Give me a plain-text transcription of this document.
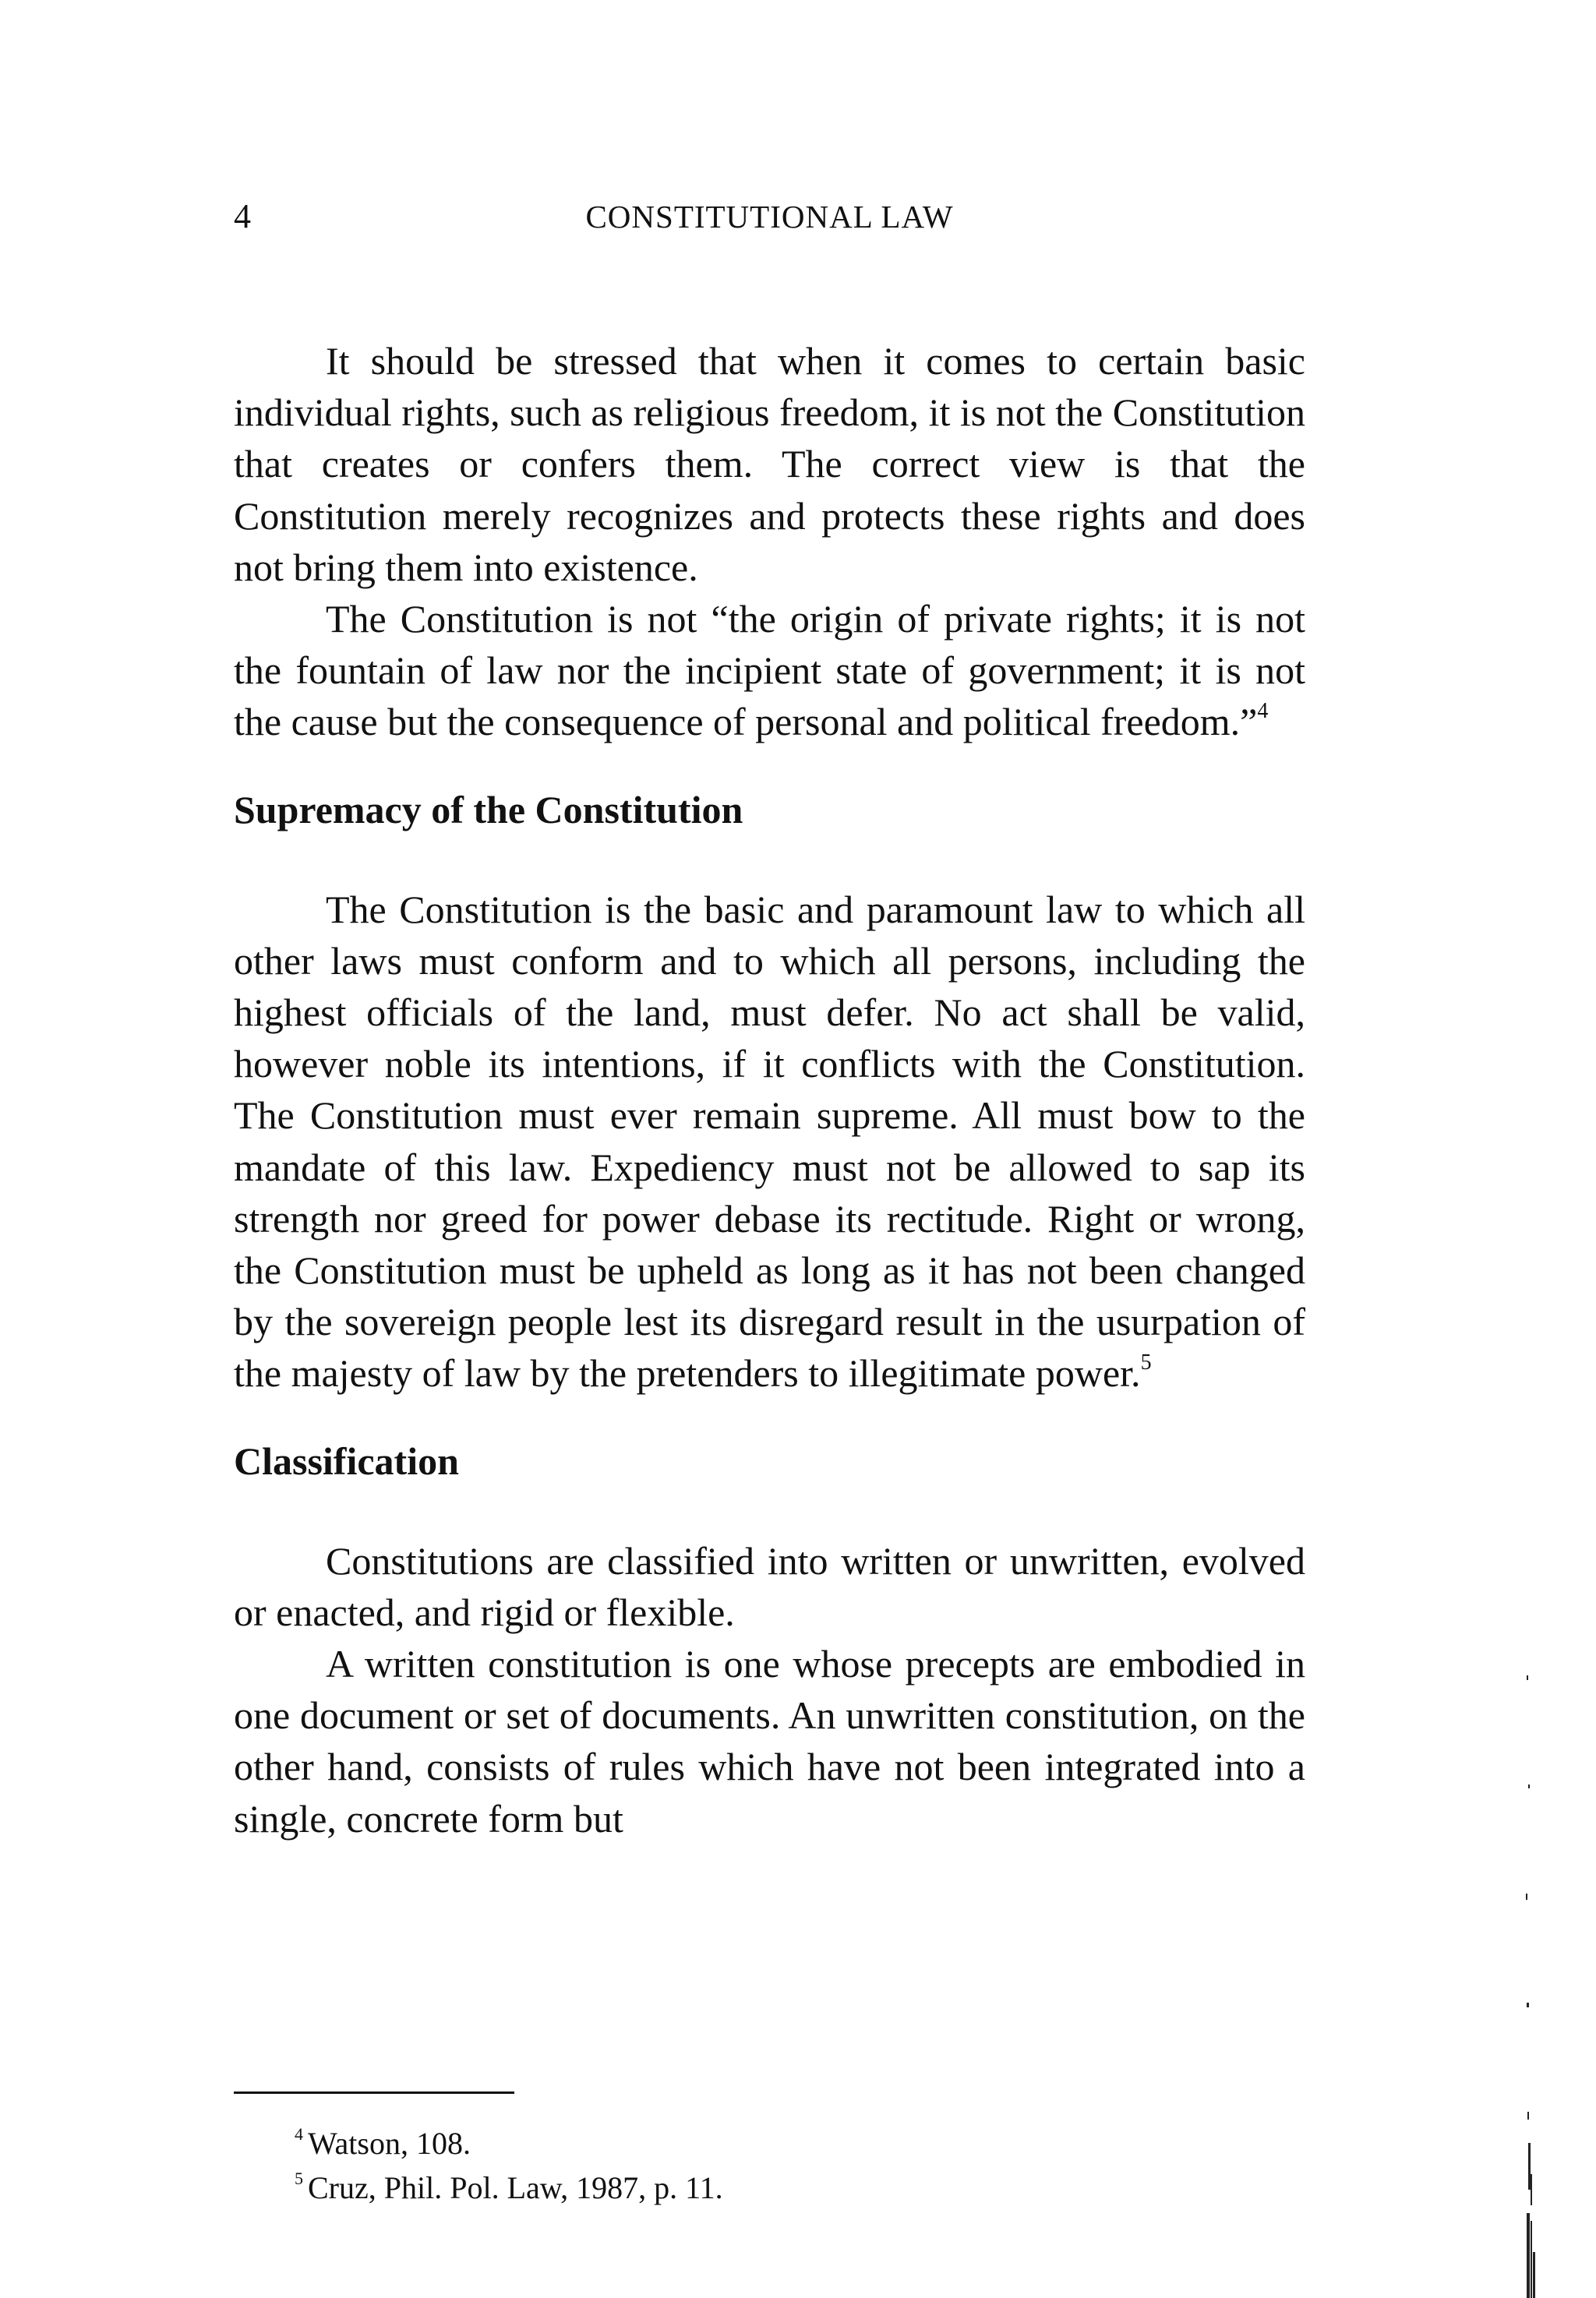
4	CONSTITUTIONAL LAW

It should be stressed that when it comes to certain basic individual rights, such as religious freedom, it is not the Constitution that creates or confers them. The correct view is that the Constitution merely recognizes and protects these rights and does not bring them into existence.

The Constitution is not “the origin of private rights; it is not the fountain of law nor the incipient state of government; it is not the cause but the consequence of personal and political freedom.”$^4$

Supremacy of the Constitution

The Constitution is the basic and paramount law to which all other laws must conform and to which all persons, including the highest officials of the land, must defer. No act shall be valid, however noble its intentions, if it conflicts with the Constitution. The Constitution must ever remain supreme. All must bow to the mandate of this law. Expediency must not be allowed to sap its strength nor greed for power debase its rectitude. Right or wrong, the Constitution must be upheld as long as it has not been changed by the sovereign people lest its disregard result in the usurpation of the majesty of law by the pretenders to illegitimate power.$^5$

Classification

Constitutions are classified into written or unwritten, evolved or enacted, and rigid or flexible.

A written constitution is one whose precepts are embodied in one document or set of documents. An unwritten constitution, on the other hand, consists of rules which have not been integrated into a single, concrete form but

$^4$ Watson, 108.
$^5$ Cruz, Phil. Pol. Law, 1987, p. 11.
